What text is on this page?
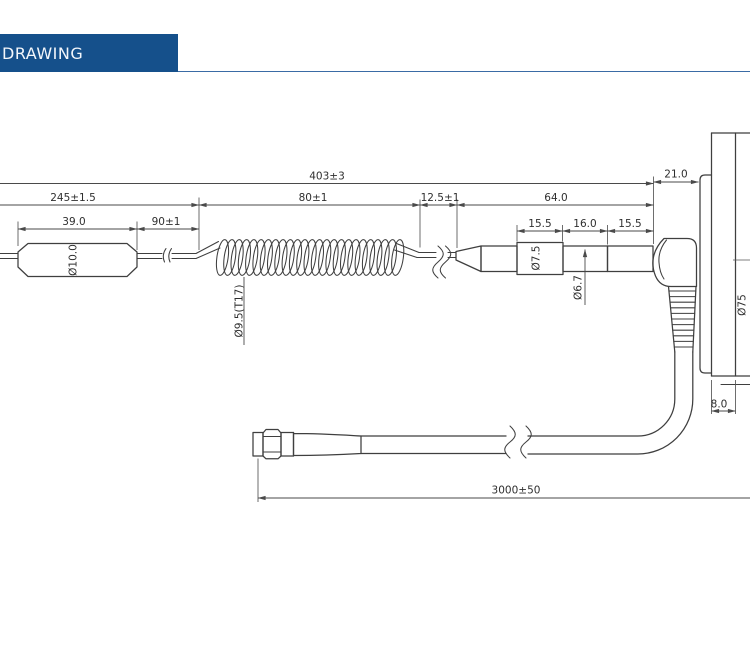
DRAWING
403±3
245±1.5	80±1	12.5±1	64.0
21.0
39.0	90±1	15.5 16.0 15.5
8.0
3000±50
Ø10.0
Ø9.5(T17)
Ø7.5
Ø6.7
Ø75
